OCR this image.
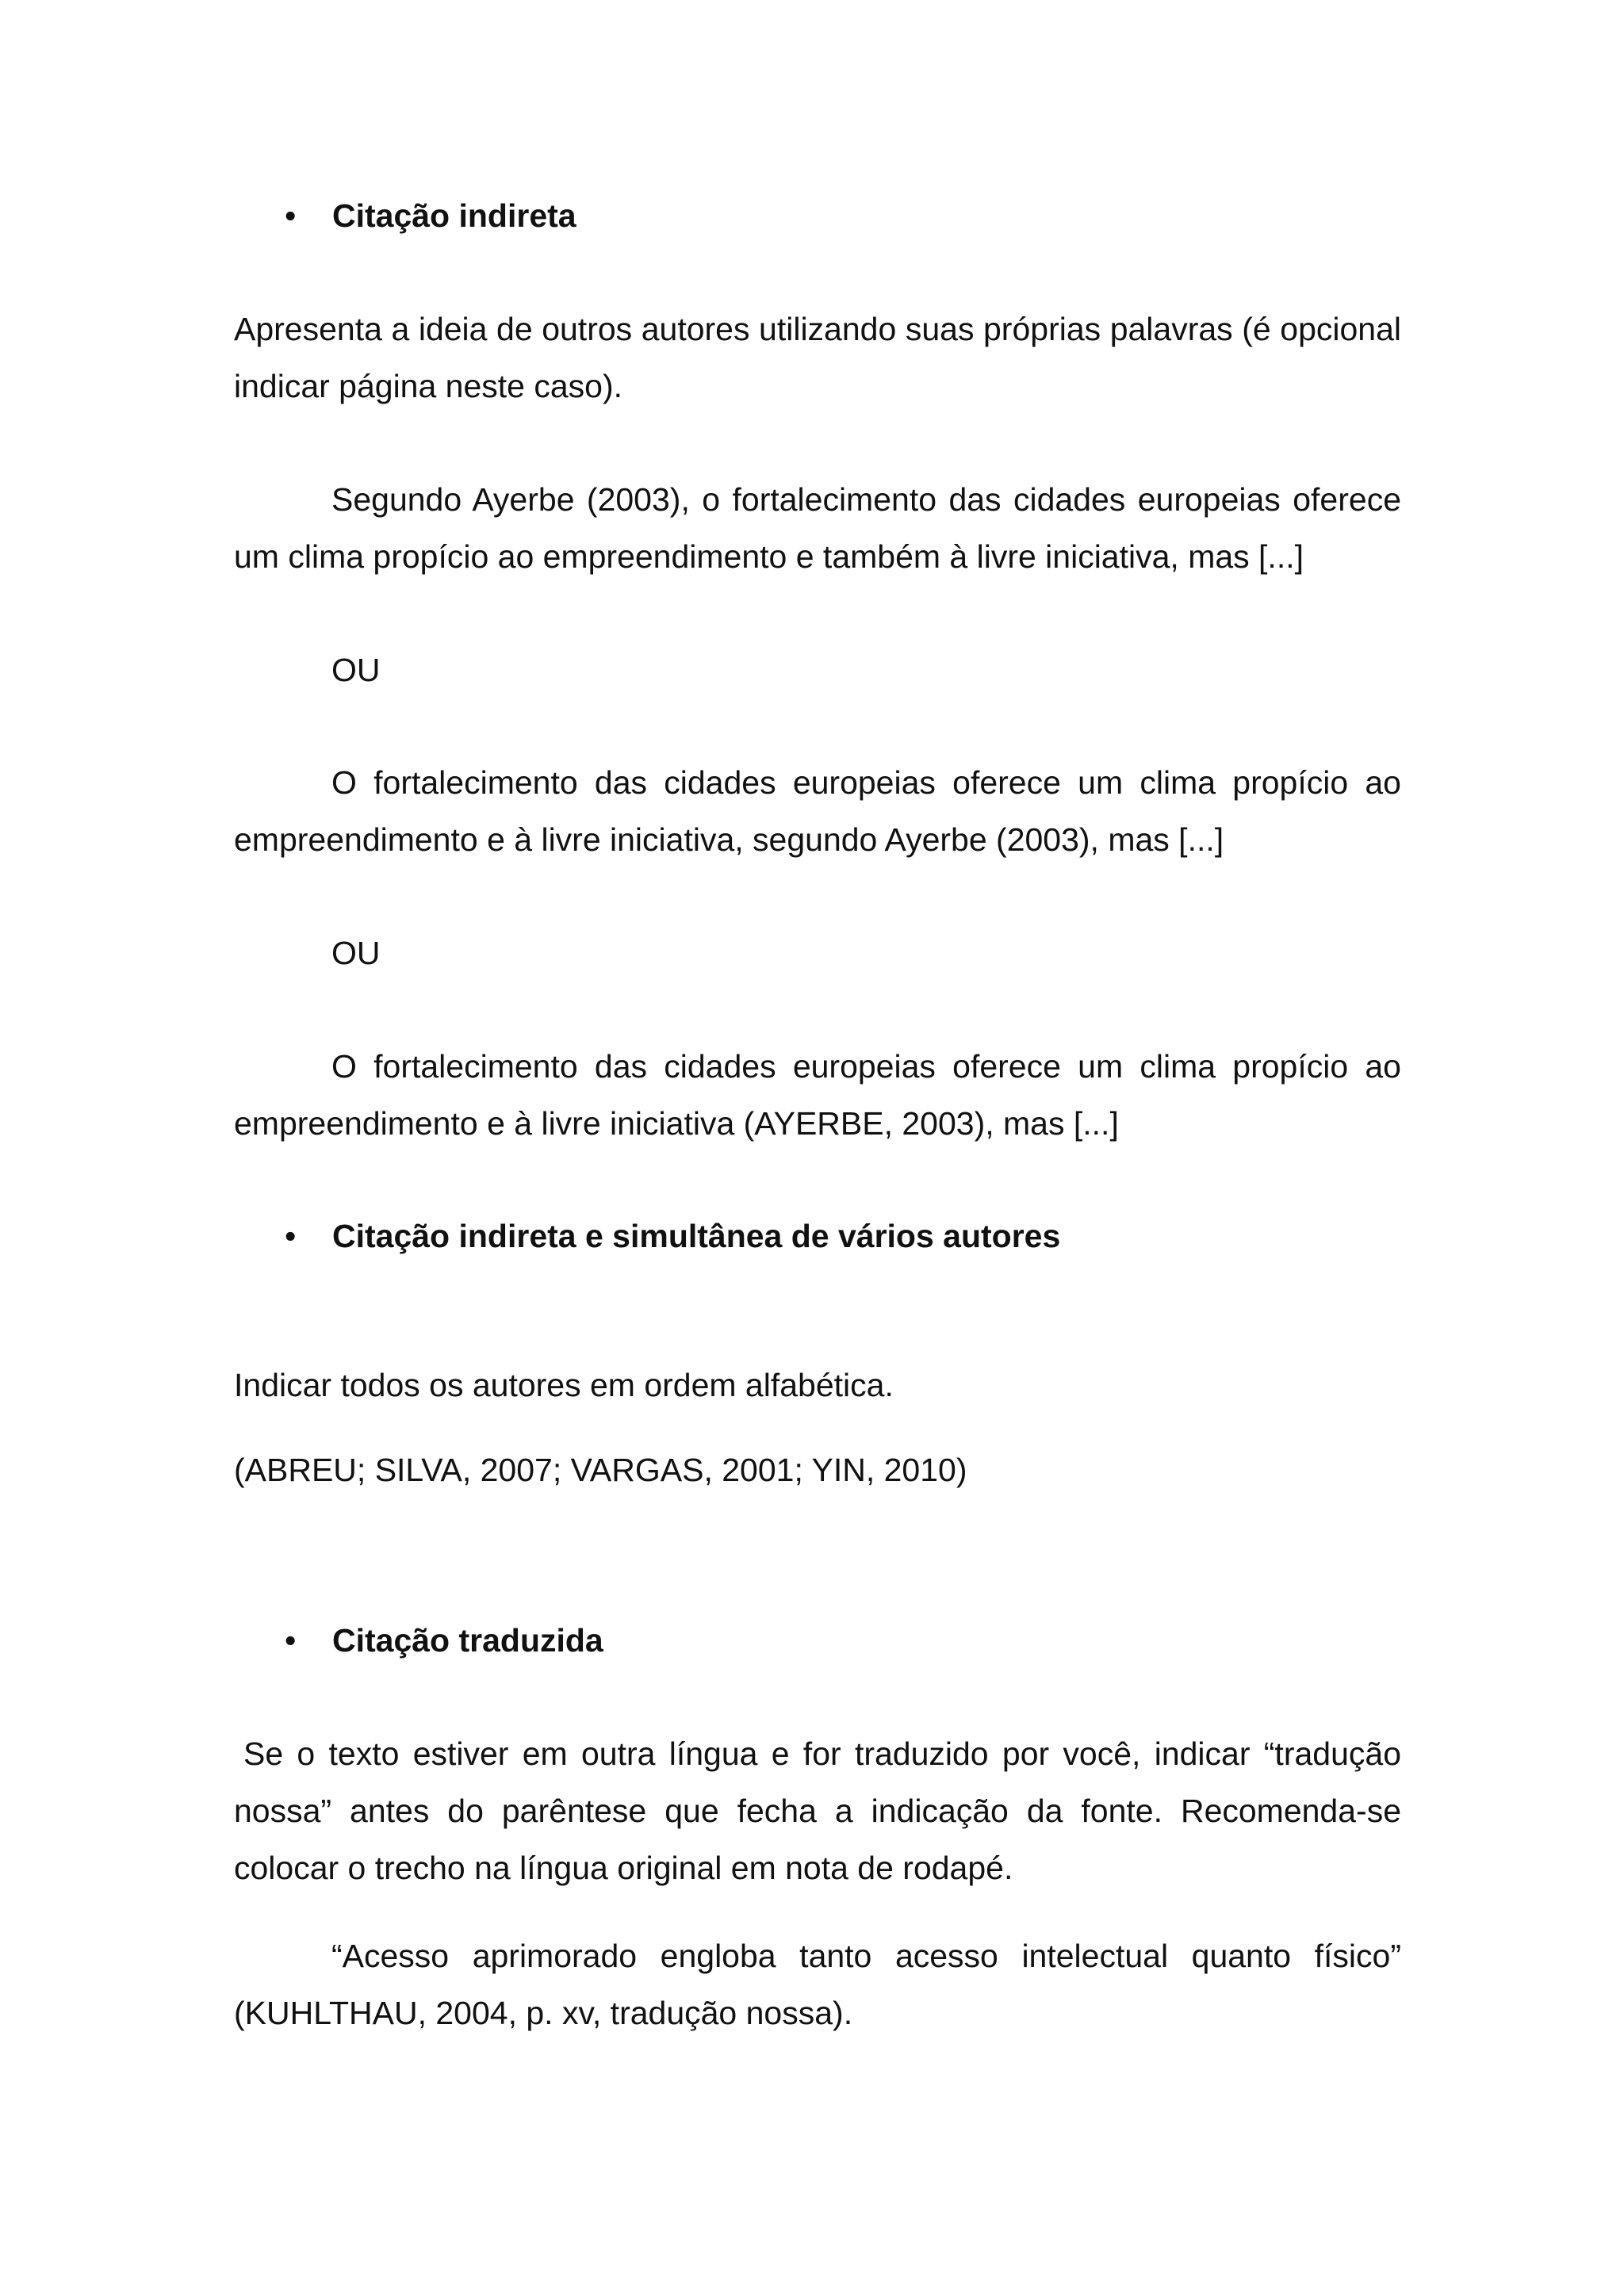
• Citação indireta

Apresenta a ideia de outros autores utilizando suas próprias palavras (é opcional indicar página neste caso).

Segundo Ayerbe (2003), o fortalecimento das cidades europeias oferece um clima propício ao empreendimento e também à livre iniciativa, mas [...]

OU

O fortalecimento das cidades europeias oferece um clima propício ao empreendimento e à livre iniciativa, segundo Ayerbe (2003), mas [...]

OU

O fortalecimento das cidades europeias oferece um clima propício ao empreendimento e à livre iniciativa (AYERBE, 2003), mas [...]

• Citação indireta e simultânea de vários autores

Indicar todos os autores em ordem alfabética.

(ABREU; SILVA, 2007; VARGAS, 2001; YIN, 2010)

• Citação traduzida

Se o texto estiver em outra língua e for traduzido por você, indicar “tradução nossa” antes do parêntese que fecha a indicação da fonte. Recomenda-se colocar o trecho na língua original em nota de rodapé.

“Acesso aprimorado engloba tanto acesso intelectual quanto físico” (KUHLTHAU, 2004, p. xv, tradução nossa).
